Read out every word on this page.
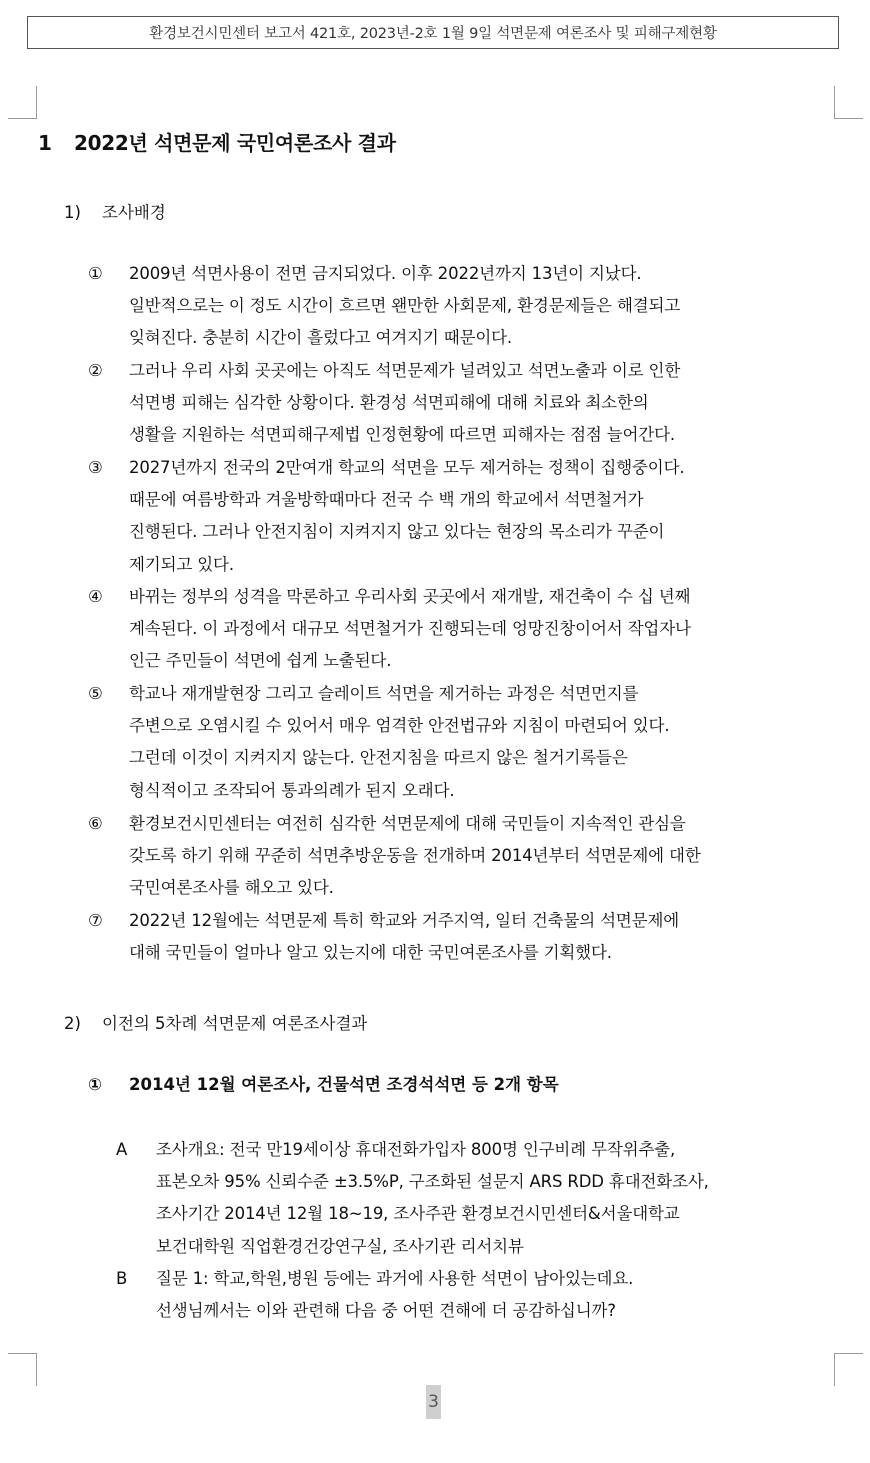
환경보건시민센터 보고서 421호, 2023년-2호 1월 9일 석면문제 여론조사 및 피해구제현황
1 2022년 석면문제 국민여론조사 결과
1) 조사배경
①	2009년 석면사용이 전면 금지되었다. 이후 2022년까지 13년이 지났다.
일반적으로는 이 정도 시간이 흐르면 왠만한 사회문제, 환경문제들은 해결되고
잊혀진다. 충분히 시간이 흘렀다고 여겨지기 때문이다.
②	그러나 우리 사회 곳곳에는 아직도 석면문제가 널려있고 석면노출과 이로 인한
석면병 피해는 심각한 상황이다. 환경성 석면피해에 대해 치료와 최소한의
생활을 지원하는 석면피해구제법 인정현황에 따르면 피해자는 점점 늘어간다.
③	2027년까지 전국의 2만여개 학교의 석면을 모두 제거하는 정책이 집행중이다.
때문에 여름방학과 겨울방학때마다 전국 수 백 개의 학교에서 석면철거가
진행된다. 그러나 안전지침이 지켜지지 않고 있다는 현장의 목소리가 꾸준이
제기되고 있다.
④	바뀌는 정부의 성격을 막론하고 우리사회 곳곳에서 재개발, 재건축이 수 십 년째
계속된다. 이 과정에서 대규모 석면철거가 진행되는데 엉망진창이어서 작업자나
인근 주민들이 석면에 쉽게 노출된다.
⑤	학교나 재개발현장 그리고 슬레이트 석면을 제거하는 과정은 석면먼지를
주변으로 오염시킬 수 있어서 매우 엄격한 안전법규와 지침이 마련되어 있다.
그런데 이것이 지켜지지 않는다. 안전지침을 따르지 않은 철거기록들은
형식적이고 조작되어 통과의례가 된지 오래다.
⑥	환경보건시민센터는 여전히 심각한 석면문제에 대해 국민들이 지속적인 관심을
갖도록 하기 위해 꾸준히 석면추방운동을 전개하며 2014년부터 석면문제에 대한
국민여론조사를 해오고 있다.
⑦	2022년 12월에는 석면문제 특히 학교와 거주지역, 일터 건축물의 석면문제에
대해 국민들이 얼마나 알고 있는지에 대한 국민여론조사를 기획했다.
2) 이전의 5차례 석면문제 여론조사결과
① 2014년 12월 여론조사, 건물석면 조경석석면 등 2개 항목
A	조사개요: 전국 만19세이상 휴대전화가입자 800명 인구비례 무작위추출,
표본오차 95% 신뢰수준 ±3.5%P, 구조화된 설문지 ARS RDD 휴대전화조사,
조사기간 2014년 12월 18~19, 조사주관 환경보건시민센터&서울대학교
보건대학원 직업환경건강연구실, 조사기관 리서치뷰
B	질문 1: 학교,학원,병원 등에는 과거에 사용한 석면이 남아있는데요.
선생님께서는 이와 관련해 다음 중 어떤 견해에 더 공감하십니까?
3
